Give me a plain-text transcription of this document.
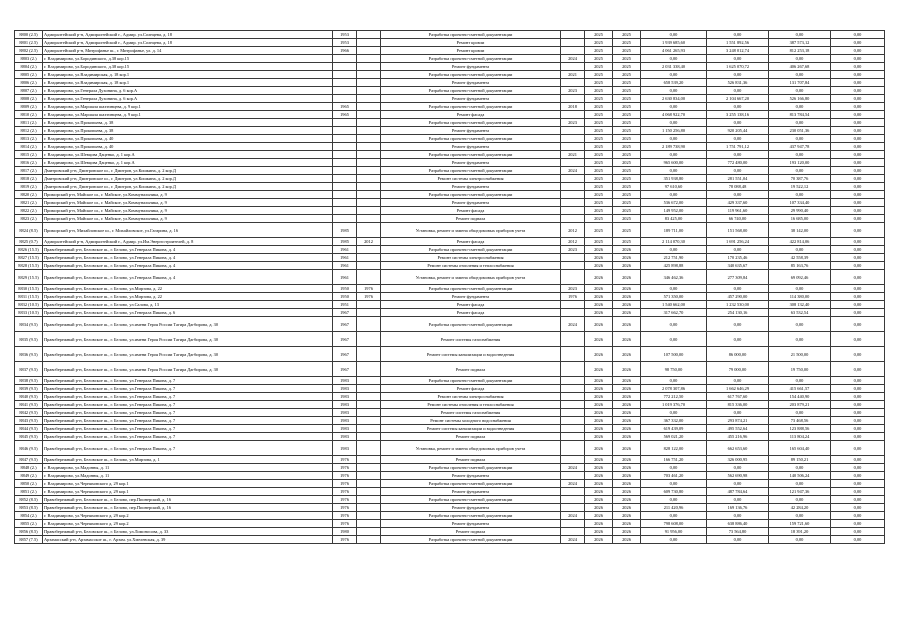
8800 (2.5)	Адмиралтейский р-н, Адмиралтейский г., Адмир. ул.Солнцева, д. 18	1953		Разработка проектно-сметной документации		2025	2025	0,00	0,00	0,00	0,00
8801 (2.5)	Адмиралтейский р-н, Адмиралтейский г., Адмир. ул.Солнцева, д. 18	1953		Ремонт кровли		2025	2025	1 939 685,60	1 551 892,56	387 573,12	0,00
8802 (2.5)	Адмиралтейский р-н, Митрофанье ш., г. Митрофанье, ул. д. 14	1966		Ремонт кровли		2025	2025	4 061 265,93	3 248 012,74	812 253,18	0,00
8803 (2.)	г. Владимирово, ул.Бородинского, д.38 кор.15			Разработка проектно-сметной документации	2024	2025	2025	0,00	0,00	0,00	0,00
8804 (2.)	г. Владимирово, ул.Бородинского, д.38 кор.15			Ремонт фундамента		2025	2025	2 031 338,40	1 625 070,72	406 267,68	0,00
8805 (2.)	г. Владимирово, ул.Владимирская, д. 18 кор.1			Разработка проектно-сметной документации	2021	2025	2025	0,00	0,00	0,00	0,00
8806 (2.)	г. Владимирово, ул.Владимирская, д. 18 кор.1			Ремонт фундамента		2025	2025	658 539,20	526 831,36	131 707,84	0,00
8807 (2.)	г. Владимирово, ул.Генерала Духонина, д. 6 кор.А			Разработка проектно-сметной документации	2023	2025	2025	0,00	0,00	0,00	0,00
8808 (2.)	г. Владимирово, ул.Генерала Духонина, д. 6 кор.А			Ремонт фундамента		2025	2025	2 630 834,00	2 104 667,20	526 166,80	0,00
8809 (2.)	г. Владимирово, ул.Маршала шахтинцева, д. 9 кор.1	1965		Разработка проектно-сметной документации	2018	2025	2025	0,00	0,00	0,00	0,00
8810 (2.)	г. Владимирово, ул.Маршала шахтинцева, д. 9 кор.1	1965		Ремонт фасада		2025	2025	4 068 922,70	3 255 138,16	813 784,54	0,00
8811 (2.)	г. Владимирово, ул.Прокопьева, д. 38			Разработка проектно-сметной документации	2023	2025	2025	0,00	0,00	0,00	0,00
8812 (2.)	г. Владимирово, ул.Прокопьева, д. 38			Ремонт фундамента		2025	2025	1 150 256,80	920 205,44	230 051,36	0,00
8813 (2.)	г. Владимирово, ул.Прокопьева, д. 40			Разработка проектно-сметной документации		2025	2025	0,00	0,00	0,00	0,00
8814 (2.)	г. Владимирово, ул.Прокопьева, д. 40			Ремонт фундамента		2025	2025	2 189 738,90	1 751 791,12	437 947,78	0,00
8815 (2.)	г. Владимирово, ул.Шевцова Даценко, д. 1 кор.А			Разработка проектно-сметной документации	2021	2025	2025	0,00	0,00	0,00	0,00
8816 (2.)	г. Владимирово, ул.Шевцова Даценко, д. 1 кор.А			Ремонт фундамента		2025	2025	965 600,00	772 480,00	193 120,00	0,00
8817 (2.)	Дмитровский р-н, Дмитровское ш., г. Дмитров, ул.Кошкина, д. 2 кор.Д			Разработка проектно-сметной документации	2024	2025	2025	0,00	0,00	0,00	0,00
8818 (2.)	Дмитровский р-н, Дмитровское ш., г. Дмитров, ул.Кошкина, д. 2 кор.Д			Ремонт системы электроснабжения		2025	2025	351 938,80	281 551,04	70 387,76	0,00
8819 (2.)	Дмитровский р-н, Дмитровское ш., г. Дмитров, ул.Кошкина, д. 2 кор.Д			Ремонт фундамента		2025	2025	97 610,60	78 088,48	19 522,12	0,00
8820 (2.)	Приморский р-н, Майское ш., г. Майское, ул.Коммунальника, д. 9			Разработка проектно-сметной документации		2025	2025	0,00	0,00	0,00	0,00
8821 (2.)	Приморский р-н, Майское ш., г. Майское, ул.Коммунальника, д. 9			Ремонт фундамента		2025	2025	536 672,00	429 337,60	107 334,40	0,00
8822 (2.)	Приморский р-н, Майское ш., г. Майское, ул.Коммунальника, д. 9			Ремонт фасада		2025	2025	149 952,00	119 961,60	29 990,40	0,00
8823 (2.)	Приморский р-н, Майское ш., г. Майское, ул.Коммунальника, д. 9			Ремонт подвала		2025	2025	83 425,00	66 740,00	16 685,00	0,00
8824 (8.5)	Приморский р-н, Михайловское ш., г. Михайловское, ул.Гагарина, д. 16	1985		Установка, ремонт и замена общедомовых приборов учета	2012	2025	2025	189 711,00	151 568,00	38 142,00	0,00
8825 (0.7)	Адмиралтейский р-н, Адмиралтейский г., Адмир. ул.Им.Энергостроителей, д. 8	1985	2012	Ремонт фасада	2012	2025	2025	2 114 070,30	1 691 256,24	422 814,06	0,00
8826 (15.5)	Правобережный р-н, Беловское ш., г. Белово, ул.Генерала Пикона, д. 4	1961		Разработка проектно-сметной документации	2023	2026	2026	0,00	0,00	0,00	0,00
8827 (15.5)	Правобережный р-н, Беловское ш., г. Белово, ул.Генерала Пикона, д. 4	1961		Ремонт системы электроснабжения		2026	2026	212 751,90	170 235,46	42 558,39	0,00
8828 (15.5)	Правобережный р-н, Беловское ш., г. Белово, ул.Генерала Пикона, д. 4	1961		Ремонт системы отопления и теплоснабжения		2026	2026	425 898,88	340 635,67	85 163,76	0,00
8829 (15.5)	Правобережный р-н, Беловское ш., г. Белово, ул.Генерала Пикона, д. 4	1961		Установка, ремонт и замена общедомовых приборов учета		2026	2026	346 462,36	277 309,84	69 092,46	0,00
8830 (15.5)	Правобережный р-н, Беловское ш., г. Белово, ул.Мирзова, д. 22	1950	1976	Разработка проектно-сметной документации	2023	2026	2026	0,00	0,00	0,00	0,00
8831 (15.5)	Правобережный р-н, Беловское ш., г. Белово, ул.Мирзова, д. 22	1950	1976	Ремонт фундамента	1976	2026	2026	571 350,00	457 290,00	114 380,00	0,00
8832 (10.5)	Правобережный р-н, Беловское ш., г. Белово, ул.Салова, д. 13	1951		Ремонт фасада		2026	2026	1 540 662,00	1 232 530,00	308 132,40	0,00
8833 (10.5)	Правобережный р-н, Беловское ш., г. Белово, ул.Генерала Пикона, д. 6	1967		Ремонт фасада		2026	2026	317 662,70	254 130,16	63 532,54	0,00
8834 (9.5)	Правобережный р-н, Беловское ш., г. Белово, ул.имени Героя России Тагира Дагбирова, д. 30	1967		Разработка проектно-сметной документации	2024	2026	2026	0,00	0,00	0,00	0,00
8835 (9.5)	Правобережный р-н, Беловское ш., г. Белово, ул.имени Героя России Тагира Дагбирова, д. 30	1967		Ремонт системы газоснабжения		2026	2026	0,00	0,00	0,00	0,00
8836 (9.5)	Правобережный р-н, Беловское ш., г. Белово, ул.имени Героя России Тагира Дагбирова, д. 30	1967		Ремонт системы канализации и водоотведения		2026	2026	107 500,00	86 000,00	21 500,00	0,00
8837 (9.5)	Правобережный р-н, Беловское ш., г. Белово, ул.имени Героя России Тагира Дагбирова, д. 30	1967		Ремонт подвала		2026	2026	98 750,00	79 000,00	19 750,00	0,00
8838 (9.5)	Правобережный р-н, Беловское ш., г. Белово, ул.Генерала Пикона, д. 7	1983		Разработка проектно-сметной документации		2026	2026	0,00	0,00	0,00	0,00
8839 (9.5)	Правобережный р-н, Беловское ш., г. Белово, ул.Генерала Пикона, д. 7	1983		Ремонт фасада		2026	2026	2 078 307,86	1 662 646,29	415 661,57	0,00
8840 (9.5)	Правобережный р-н, Беловское ш., г. Белово, ул.Генерала Пикона, д. 7	1983		Ремонт системы электроснабжения		2026	2026	772 212,50	617 767,60	154 440,90	0,00
8841 (9.5)	Правобережный р-н, Беловское ш., г. Белово, ул.Генерала Пикона, д. 7	1983		Ремонт системы отопления и теплоснабжения		2026	2026	1 019 376,70	815 336,00	203 879,21	0,00
8842 (9.5)	Правобережный р-н, Беловское ш., г. Белово, ул.Генерала Пикона, д. 7	1983		Ремонт системы газоснабжения		2026	2026	0,00	0,00	0,00	0,00
8843 (9.5)	Правобережный р-н, Беловское ш., г. Белово, ул.Генерала Пикона, д. 7	1983		Ремонт системы холодного водоснабжения		2026	2026	367 332,00	293 874,21	73 468,56	0,00
8844 (9.5)	Правобережный р-н, Беловское ш., г. Белово, ул.Генерала Пикона, д. 7	1983		Ремонт системы канализации и водоотведения		2026	2026	619 439,09	495 552,64	123 888,56	0,00
8845 (9.5)	Правобережный р-н, Беловское ш., г. Белово, ул.Генерала Пикона, д. 7	1983		Ремонт подвала		2026	2026	569 021,20	455 216,96	113 804,24	0,00
8846 (9.5)	Правобережный р-н, Беловское ш., г. Белово, ул.Генерала Пикона, д. 7	1983		Установка, ремонт и замена общедомовых приборов учета		2026	2026	828 122,00	662 653,60	165 604,40	0,00
8847 (9.5)	Правобережный р-н, Беловское ш., г. Белово, ул.Мирзова, д. 1	1976		Ремонт подвала		2026	2026	166 751,20	326 000,95	89 150,21	0,00
8848 (2.)	г. Владимирово, ул.Мадонны, д. 11	1976		Разработка проектно-сметной документации	2024	2026	2026	0,00	0,00	0,00	0,00
8849 (2.)	г. Владимирово, ул.Мадонны, д. 11	1976		Ремонт фундамента		2026	2026	703 461,20	562 690,98	140 506,24	0,00
8850 (2.)	г. Владимирово, ул.Черняховского д. 29 кор.1	1976		Разработка проектно-сметной документации	2024	2026	2026	0,00	0,00	0,00	0,00
8851 (2.)	г. Владимирово, ул.Черняховского д. 29 кор.1	1976		Ремонт фундамента		2026	2026	609 730,80	487 784,64	121 947,36	0,00
8852 (8.5)	Правобережный р-н, Беловское ш., г. Белово, пер.Пионерский, д. 16	1976		Разработка проектно-сметной документации		2026	2026	0,00	0,00	0,00	0,00
8853 (8.5)	Правобережный р-н, Беловское ш., г. Белово, пер.Пионерский, д. 16	1976		Ремонт фундамента		2026	2026	211 420,96	169 136,76	42 284,20	0,00
8854 (2.)	г. Владимирово, ул.Черняховского д. 29 кор.2	1976		Разработка проектно-сметной документации	2024	2026	2026	0,00	0,00	0,00	0,00
8855 (2.)	г. Владимирово, ул.Черняховского д. 29 кор.2	1976		Ремонт фундамента		2026	2026	798 608,00	638 886,40	159 721,60	0,00
8856 (8.5)	Правобережный р-н, Беловское ш., г. Белово, ул.Ломоносова, д. 33	1980		Ремонт подвала		2026	2026	91 956,00	73 564,80	18 391,20	0,00
8857 (7.5)	Арзамасский р-н, Арзамасское ш., г. Арзам. ул.Хмелевская, д. 39	1976		Разработка проектно-сметной документации	2024	2026	2026	0,00	0,00	0,00	0,00
